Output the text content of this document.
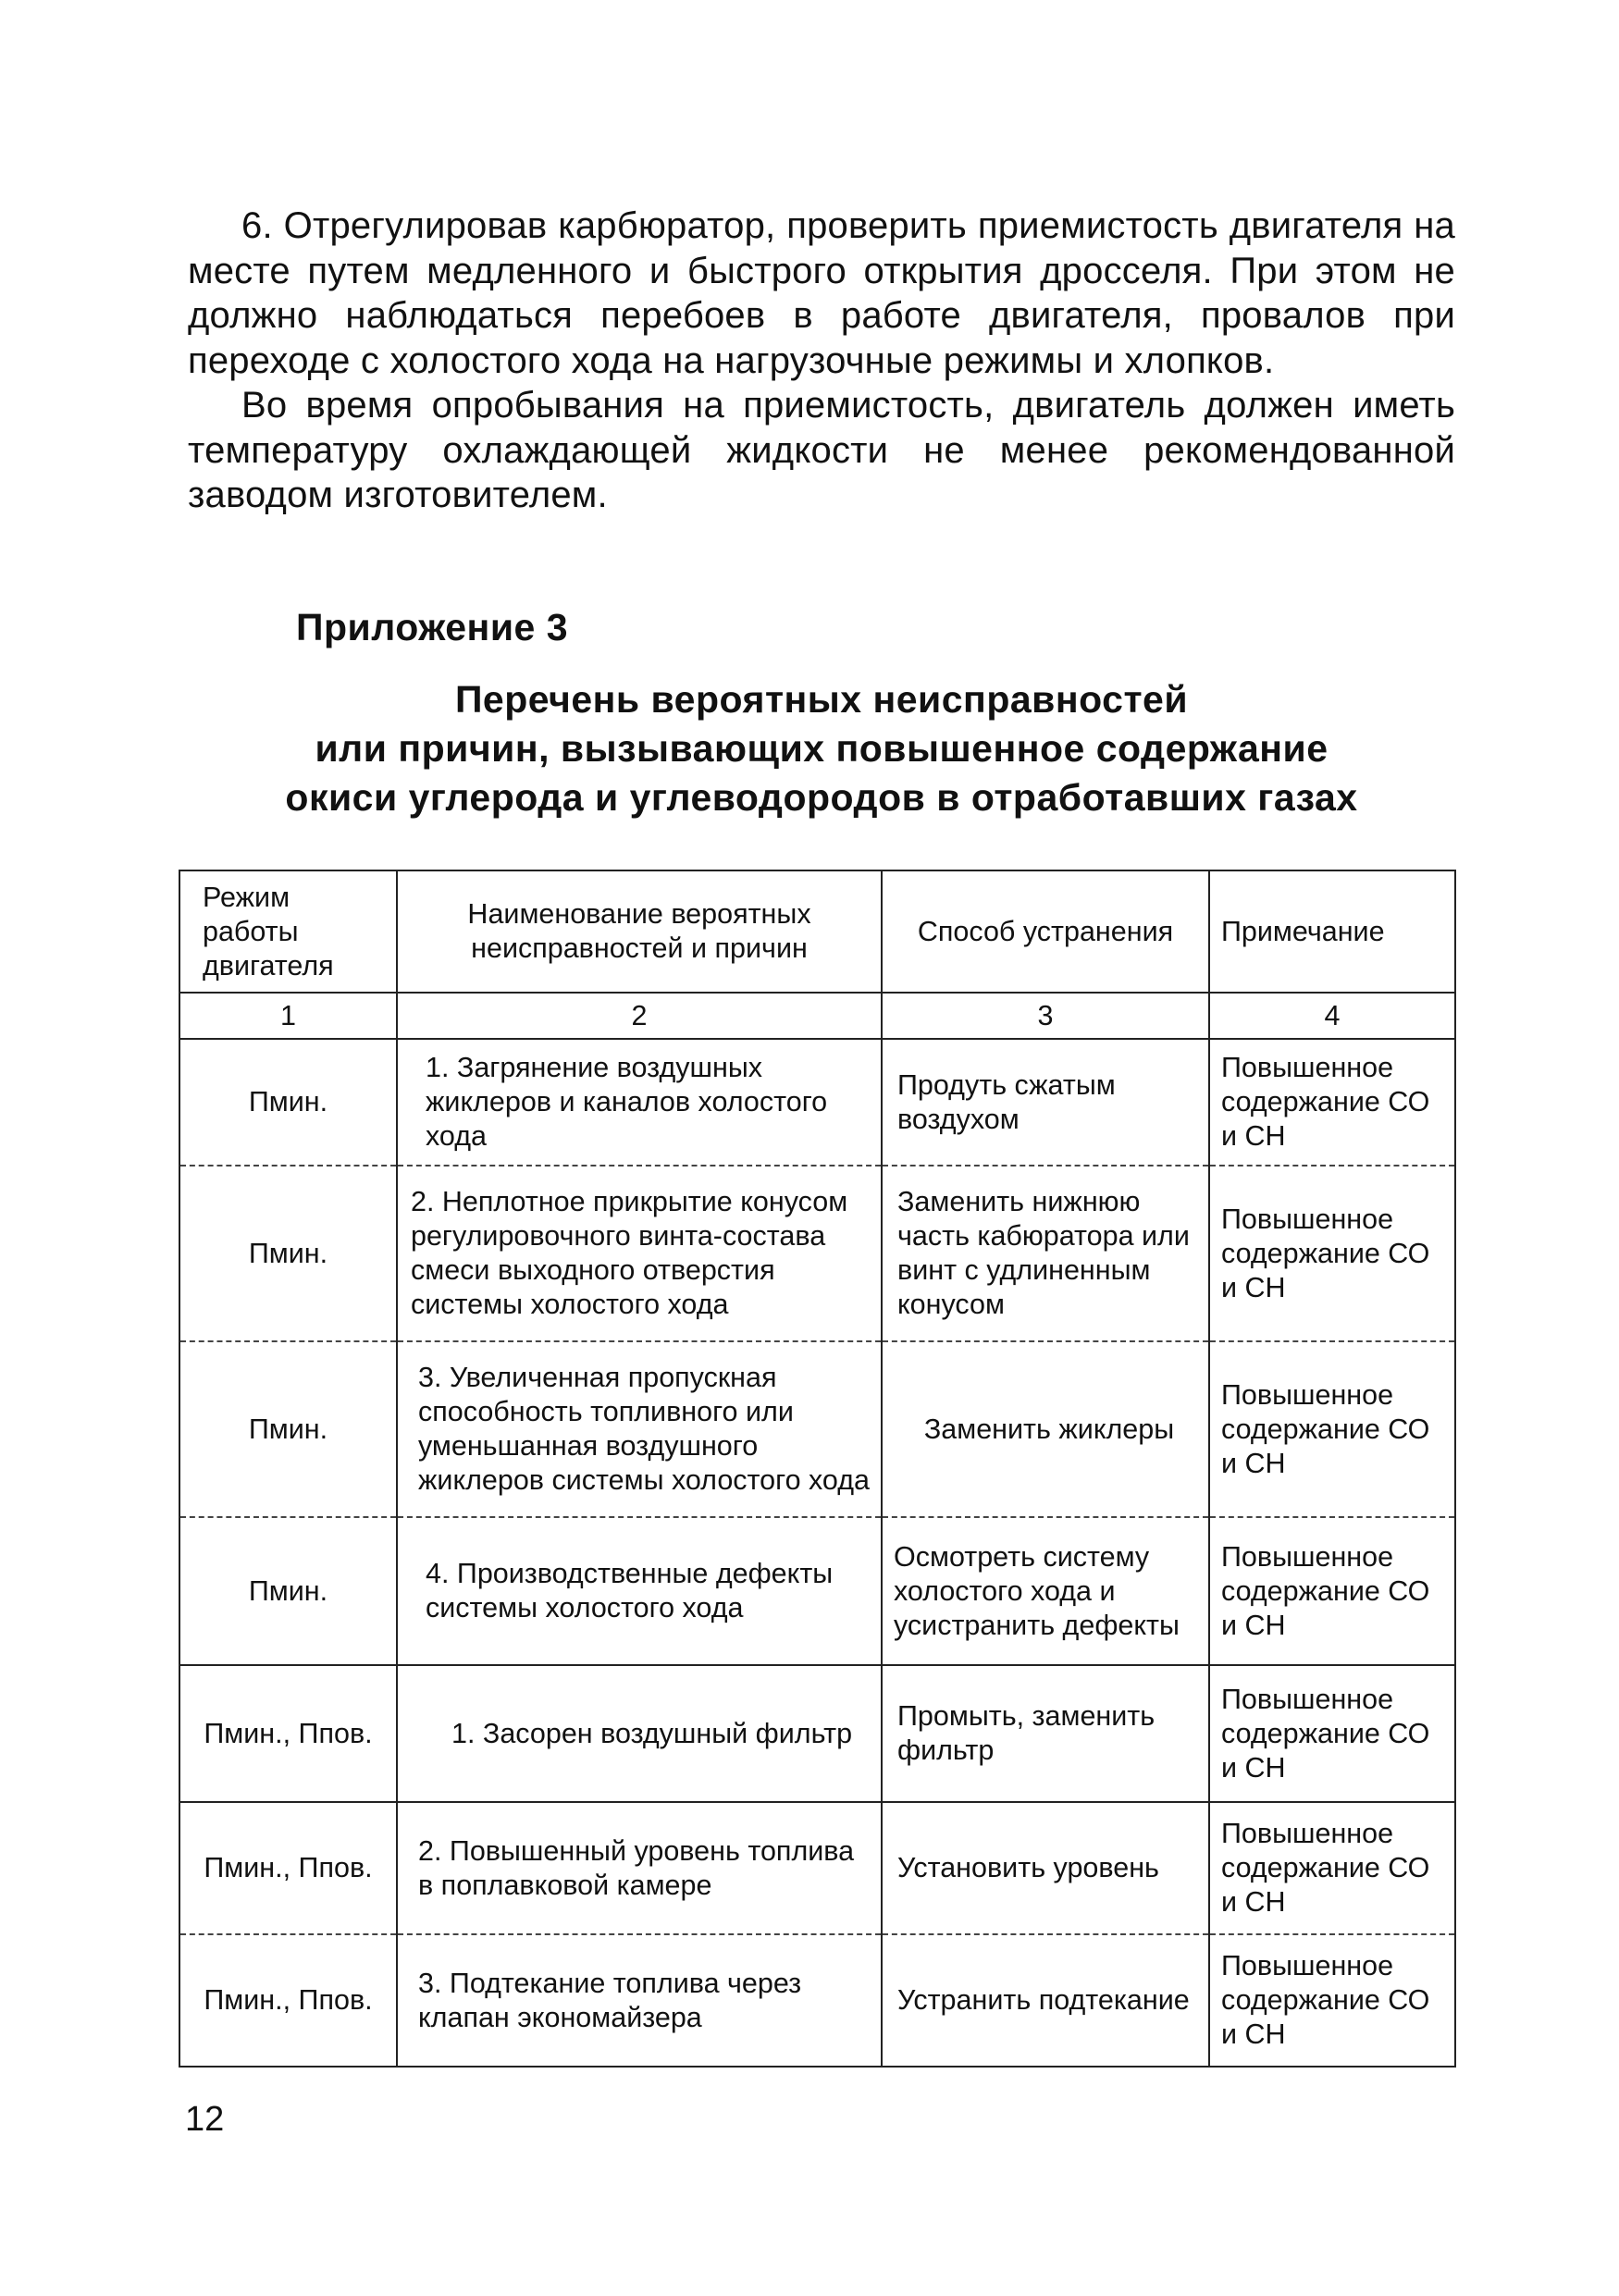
6. Отрегулировав карбюратор, проверить приемистость двигателя на месте путем медленного и быстрого открытия дросселя. При этом не должно наблюдаться перебоев в работе двигателя, провалов при переходе с холостого хода на нагрузочные режимы и хлопков.

Во время опробывания на приемистость, двигатель должен иметь температуру охлаждающей жидкости не менее рекомендованной заводом изготовителем.

Приложение 3
Перечень вероятных неисправностей
или причин, вызывающих повышенное содержание
окиси углерода и углеводородов в отработавших газах
Режим работы двигателя	Наименование вероятных неисправностей и причин	Способ устранения	Примечание
1	2	3	4
Пмин.	1. Загрянение воздушных жиклеров и каналов холостого хода	Продуть сжатым воздухом	Повышенное содержание СО и СН
Пмин.	2. Неплотное прикрытие конусом регулировочного винта-состава смеси выходного отверстия системы холостого хода	Заменить нижнюю часть кабюратора или винт с удлиненным конусом	Повышенное содержание СО и СН
Пмин.	3. Увеличенная пропускная способность топливного или уменьшанная воздушного жиклеров системы холостого хода	Заменить жиклеры	Повышенное содержание СО и СН
Пмин.	4. Производственные дефекты системы холостого хода	Осмотреть систему холостого хода и усистранить дефекты	Повышенное содержание СО и СН
Пмин., Ппов.	1. Засорен воздушный фильтр	Промыть, заменить фильтр	Повышенное содержание СО и СН
Пмин., Ппов.	2. Повышенный уровень топлива в поплавковой камере	Установить уровень	Повышенное содержание СО и СН
Пмин., Ппов.	3. Подтекание топлива через клапан экономайзера	Устранить подтекание	Повышенное содержание СО и СН
12
